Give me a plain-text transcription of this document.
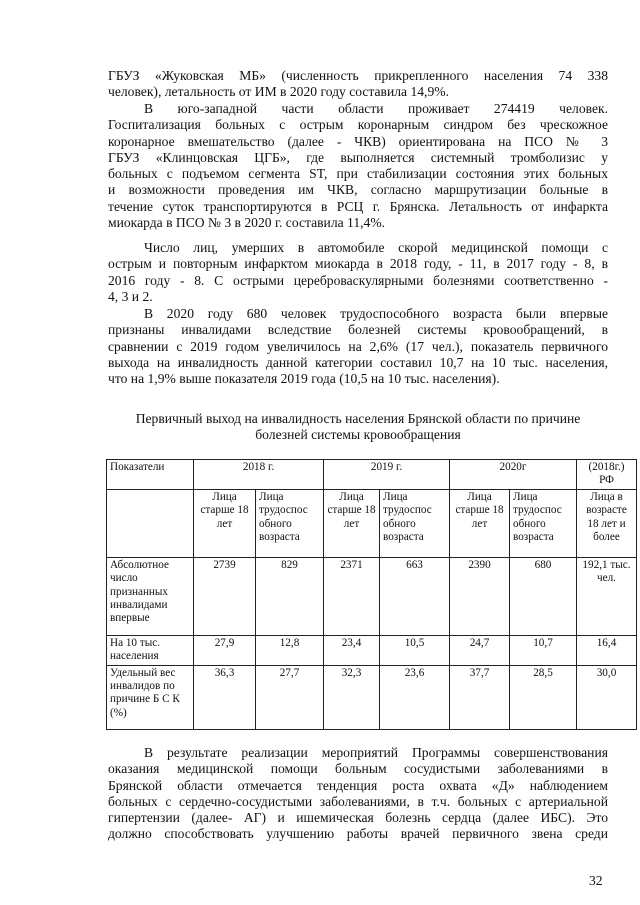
ГБУЗ «Жуковская МБ» (численность прикрепленного населения 74 338
человек), летальность от ИМ в 2020 году составила 14,9%.
В юго-западной части области проживает 274419 человек.
Госпитализация больных с острым коронарным синдром без чрескожное
коронарное вмешательство (далее - ЧКВ) ориентирована на ПСО № 3
ГБУЗ «Клинцовская ЦГБ», где выполняется системный тромболизис у
больных с подъемом сегмента ST, при стабилизации состояния этих больных
и возможности проведения им ЧКВ, согласно маршрутизации больные в
течение суток транспортируются в РСЦ г. Брянска. Летальность от инфаркта
миокарда в ПСО № 3 в 2020 г. составила 11,4%.
Число лиц, умерших в автомобиле скорой медицинской помощи с
острым и повторным инфарктом миокарда в 2018 году, - 11, в 2017 году - 8, в
2016 году - 8. С острыми цереброваскулярными болезнями соответственно -
4, 3 и 2.
В 2020 году 680 человек трудоспособного возраста были впервые
признаны инвалидами вследствие болезней системы кровообращений, в
сравнении с 2019 годом увеличилось на 2,6% (17 чел.), показатель первичного
выхода на инвалидность данной категории составил 10,7 на 10 тыс. населения,
что на 1,9% выше показателя 2019 года (10,5 на 10 тыс. населения).
Первичный выход на инвалидность населения Брянской области по причине
болезней системы кровообращения
Показатели	2018 г.		2019 г.		2020г		(2018г.) РФ
	Лица старше 18 лет	Лица трудоспос обного возраста	Лица старше 18 лет	Лица трудоспос обного возраста	Лица старше 18 лет	Лица трудоспос обного возраста	Лица в возрасте 18 лет и более
Абсолютное число признанных инвалидами впервые	2739	829	2371	663	2390	680	192,1 тыс. чел.
На 10 тыс. населения	27,9	12,8	23,4	10,5	24,7	10,7	16,4
Удельный вес инвалидов по причине Б С К (%)	36,3	27,7	32,3	23,6	37,7	28,5	30,0
В результате реализации мероприятий Программы совершенствования
оказания медицинской помощи больным сосудистыми заболеваниями в
Брянской области отмечается тенденция роста охвата «Д» наблюдением
больных с сердечно-сосудистыми заболеваниями, в т.ч. больных с артериальной
гипертензии (далее- АГ) и ишемическая болезнь сердца (далее ИБС). Это
должно способствовать улучшению работы врачей первичного звена среди
32
